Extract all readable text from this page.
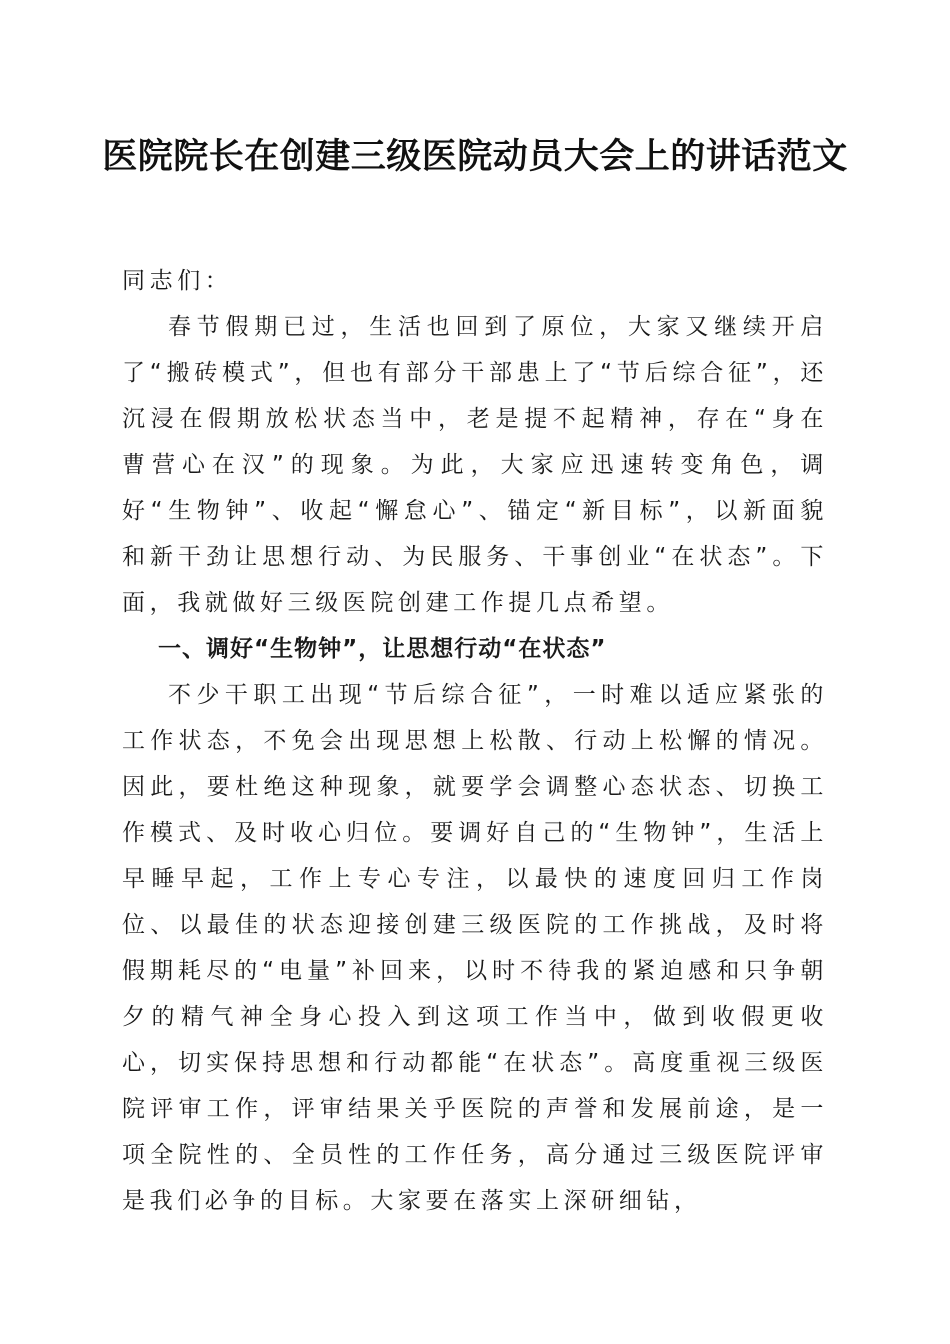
医院院长在创建三级医院动员大会上的讲话范文

同志们：

春节假期已过，生活也回到了原位，大家又继续开启了“搬砖模式”，但也有部分干部患上了“节后综合征”，还沉浸在假期放松状态当中，老是提不起精神，存在“身在曹营心在汉”的现象。为此，大家应迅速转变角色，调好“生物钟”、收起“懈怠心”、锚定“新目标”，以新面貌和新干劲让思想行动、为民服务、干事创业“在状态”。下面，我就做好三级医院创建工作提几点希望。

一、调好“生物钟”，让思想行动“在状态”

不少干职工出现“节后综合征”，一时难以适应紧张的工作状态，不免会出现思想上松散、行动上松懈的情况。因此，要杜绝这种现象，就要学会调整心态状态、切换工作模式、及时收心归位。要调好自己的“生物钟”，生活上早睡早起，工作上专心专注，以最快的速度回归工作岗位、以最佳的状态迎接创建三级医院的工作挑战，及时将假期耗尽的“电量”补回来，以时不待我的紧迫感和只争朝夕的精气神全身心投入到这项工作当中，做到收假更收心，切实保持思想和行动都能“在状态”。高度重视三级医院评审工作，评审结果关乎医院的声誉和发展前途，是一项全院性的、全员性的工作任务，高分通过三级医院评审是我们必争的目标。大家要在落实上深研细钻，
